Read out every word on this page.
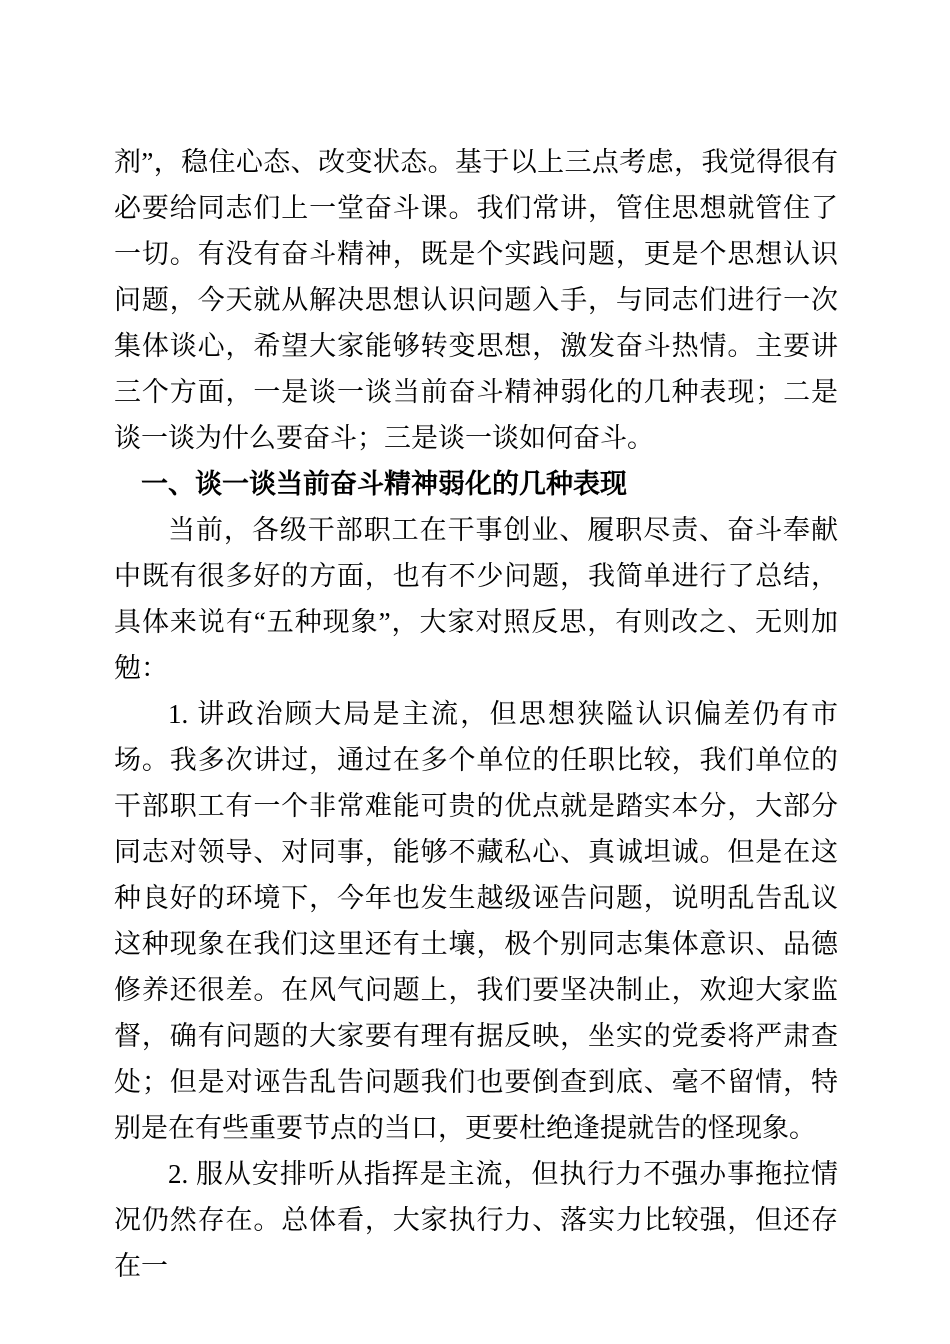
剂”，稳住心态、改变状态。基于以上三点考虑，我觉得很有必要给同志们上一堂奋斗课。我们常讲，管住思想就管住了一切。有没有奋斗精神，既是个实践问题，更是个思想认识问题，今天就从解决思想认识问题入手，与同志们进行一次集体谈心，希望大家能够转变思想，激发奋斗热情。主要讲三个方面，一是谈一谈当前奋斗精神弱化的几种表现；二是谈一谈为什么要奋斗；三是谈一谈如何奋斗。

一、谈一谈当前奋斗精神弱化的几种表现

当前，各级干部职工在干事创业、履职尽责、奋斗奉献中既有很多好的方面，也有不少问题，我简单进行了总结，具体来说有“五种现象”，大家对照反思，有则改之、无则加勉：

1. 讲政治顾大局是主流，但思想狭隘认识偏差仍有市场。我多次讲过，通过在多个单位的任职比较，我们单位的干部职工有一个非常难能可贵的优点就是踏实本分，大部分同志对领导、对同事，能够不藏私心、真诚坦诚。但是在这种良好的环境下，今年也发生越级诬告问题，说明乱告乱议这种现象在我们这里还有土壤，极个别同志集体意识、品德修养还很差。在风气问题上，我们要坚决制止，欢迎大家监督，确有问题的大家要有理有据反映，坐实的党委将严肃查处；但是对诬告乱告问题我们也要倒查到底、毫不留情，特别是在有些重要节点的当口，更要杜绝逢提就告的怪现象。

2. 服从安排听从指挥是主流，但执行力不强办事拖拉情况仍然存在。总体看，大家执行力、落实力比较强，但还存在一
